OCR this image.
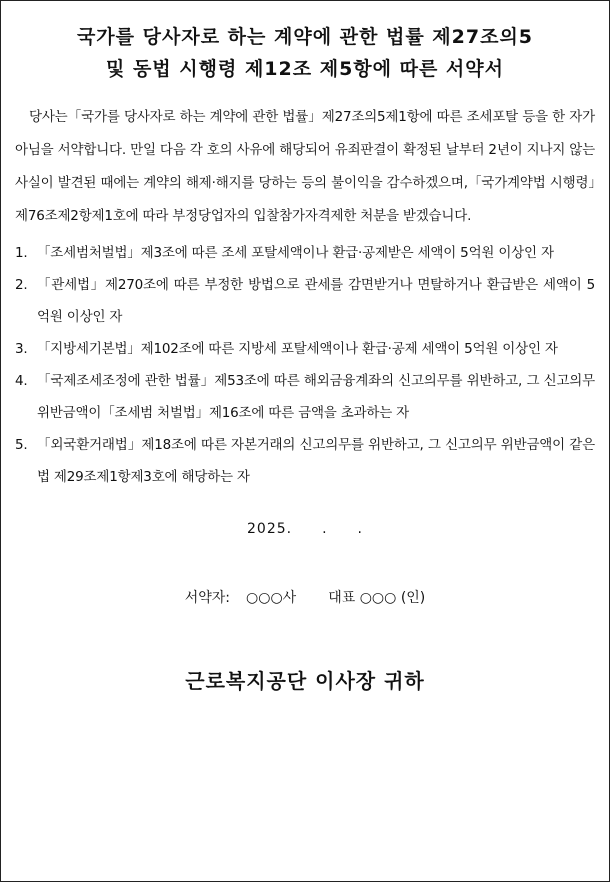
국가를 당사자로 하는 계약에 관한 법률 제27조의5
및 동법 시행령 제12조 제5항에 따른 서약서

당사는「국가를 당사자로 하는 계약에 관한 법률」제27조의5제1항에 따른 조세포탈 등을 한 자가 아님을 서약합니다. 만일 다음 각 호의 사유에 해당되어 유죄판결이 확정된 날부터 2년이 지나지 않는 사실이 발견된 때에는 계약의 해제·해지를 당하는 등의 불이익을 감수하겠으며,「국가계약법 시행령」제76조제2항제1호에 따라 부정당업자의 입찰참가자격제한 처분을 받겠습니다.

1. 「조세범처벌법」제3조에 따른 조세 포탈세액이나 환급·공제받은 세액이 5억원 이상인 자
2. 「관세법」제270조에 따른 부정한 방법으로 관세를 감면받거나 면탈하거나 환급받은 세액이 5억원 이상인 자
3. 「지방세기본법」제102조에 따른 지방세 포탈세액이나 환급·공제 세액이 5억원 이상인 자
4. 「국제조세조정에 관한 법률」제53조에 따른 해외금융계좌의 신고의무를 위반하고, 그 신고의무 위반금액이「조세범 처벌법」제16조에 따른 금액을 초과하는 자
5. 「외국환거래법」제18조에 따른 자본거래의 신고의무를 위반하고, 그 신고의무 위반금액이 같은 법 제29조제1항제3호에 해당하는 자
2025. . .
서약자: ○○○사 대표 ○○○ (인)
근로복지공단 이사장 귀하
